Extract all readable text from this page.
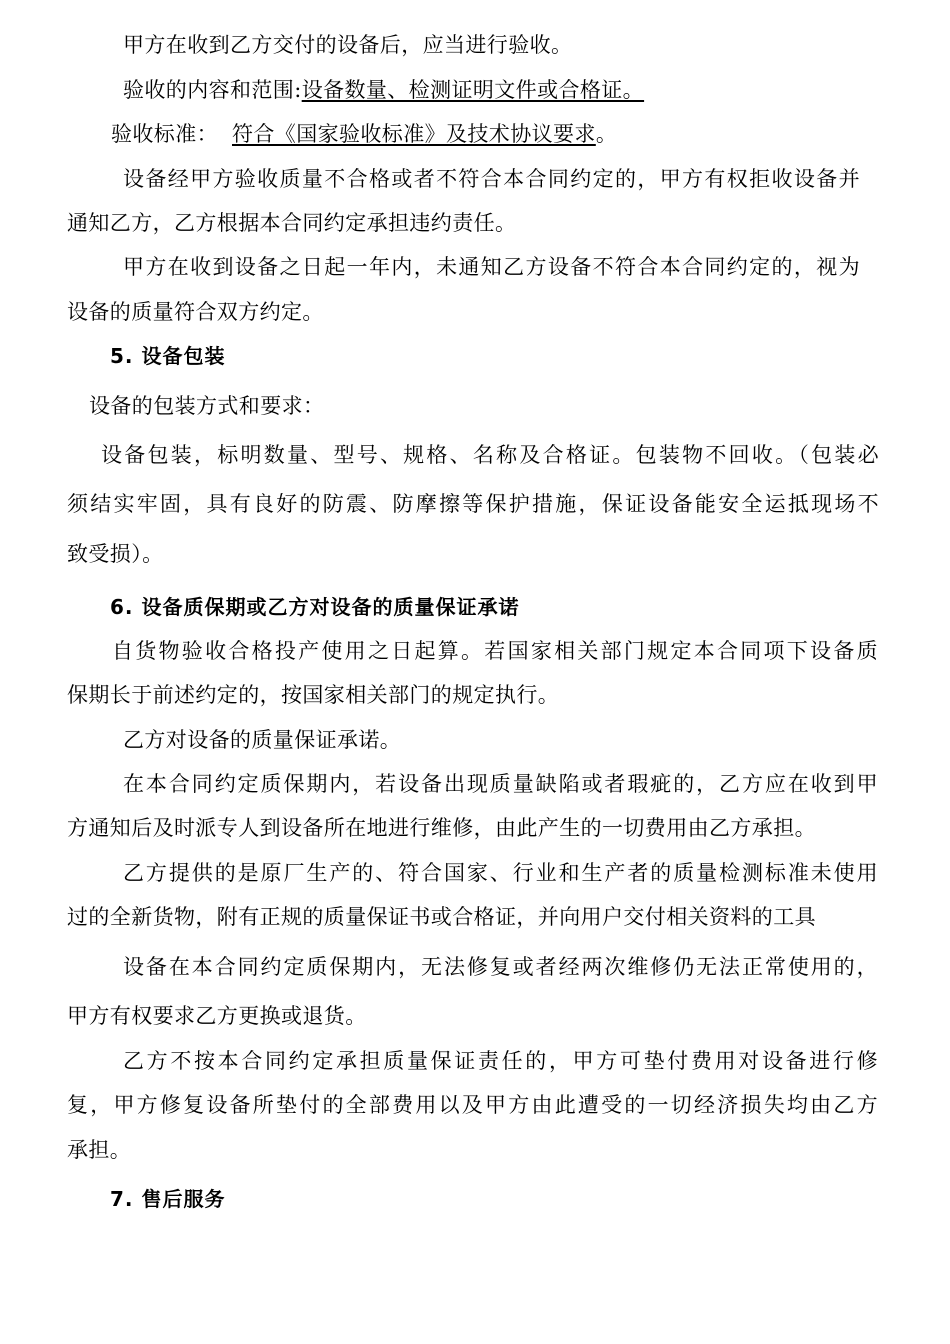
甲方在收到乙方交付的设备后，应当进行验收。
验收的内容和范围:设备数量、检测证明文件或合格证。
验收标准： 符合《国家验收标准》及技术协议要求。
设备经甲方验收质量不合格或者不符合本合同约定的，甲方有权拒收设备并
通知乙方，乙方根据本合同约定承担违约责任。
甲方在收到设备之日起一年内，未通知乙方设备不符合本合同约定的，视为
设备的质量符合双方约定。
5. 设备包装
设备的包装方式和要求：
设备包装，标明数量、型号、规格、名称及合格证。包装物不回收。（包装必
须结实牢固，具有良好的防震、防摩擦等保护措施，保证设备能安全运抵现场不
致受损）。
6. 设备质保期或乙方对设备的质量保证承诺
自货物验收合格投产使用之日起算。若国家相关部门规定本合同项下设备质
保期长于前述约定的，按国家相关部门的规定执行。
乙方对设备的质量保证承诺。
在本合同约定质保期内，若设备出现质量缺陷或者瑕疵的，乙方应在收到甲
方通知后及时派专人到设备所在地进行维修，由此产生的一切费用由乙方承担。
乙方提供的是原厂生产的、符合国家、行业和生产者的质量检测标准未使用
过的全新货物，附有正规的质量保证书或合格证，并向用户交付相关资料的工具
设备在本合同约定质保期内，无法修复或者经两次维修仍无法正常使用的，
甲方有权要求乙方更换或退货。
乙方不按本合同约定承担质量保证责任的，甲方可垫付费用对设备进行修
复，甲方修复设备所垫付的全部费用以及甲方由此遭受的一切经济损失均由乙方
承担。
7. 售后服务
